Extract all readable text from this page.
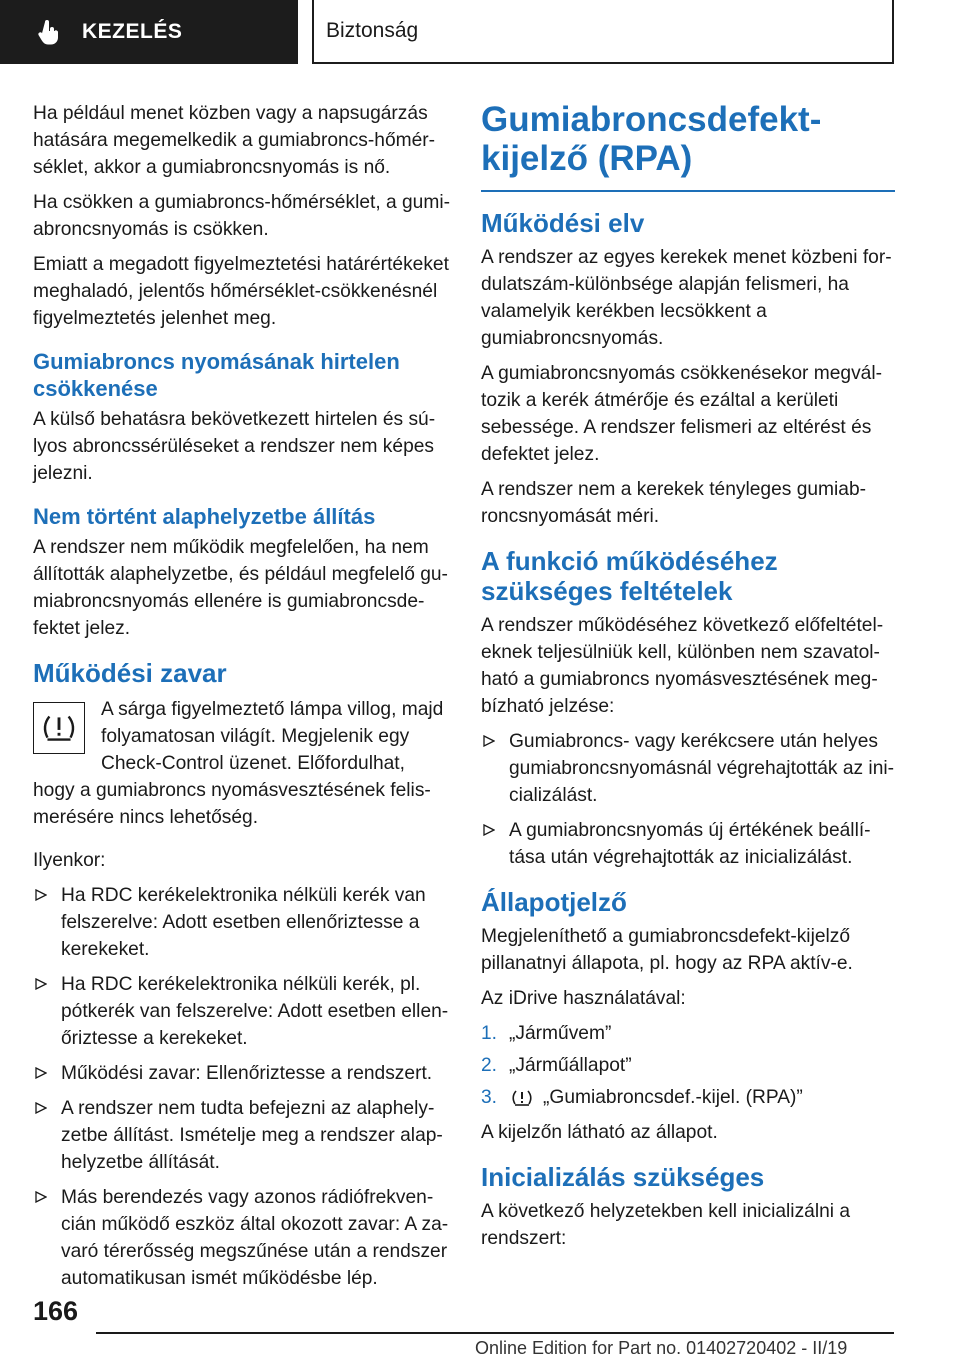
KEZELÉS	Biztonság

Ha például menet közben vagy a napsugárzás hatására megemelkedik a gumiabroncs-hőmérséklet, akkor a gumiabroncsnyomás is nő.

Ha csökken a gumiabroncs-hőmérséklet, a gumiabroncsnyomás is csökken.

Emiatt a megadott figyelmeztetési határértékeket meghaladó, jelentős hőmérséklet-csökkenésnél figyelmeztetés jelenhet meg.

Gumiabroncs nyomásának hirtelen csökkenése

A külső behatásra bekövetkezett hirtelen és súlyos abroncssérüléseket a rendszer nem képes jelezni.

Nem történt alaphelyzetbe állítás

A rendszer nem működik megfelelően, ha nem állították alaphelyzetbe, és például megfelelő gumiabroncsnyomás ellenére is gumiabroncsdefektet jelez.

Működési zavar

A sárga figyelmeztető lámpa villog, majd

folyamatosan világít. Megjelenik egy

Check-Control üzenet. Előfordulhat,

hogy a gumiabroncs nyomásvesztésének felismerésére nincs lehetőség.

Ilyenkor:

Ha RDC kerékelektronika nélküli kerék van felszerelve: Adott esetben ellenőriztesse a kerekeket.
Ha RDC kerékelektronika nélküli kerék, pl. pótkerék van felszerelve: Adott esetben ellenőriztesse a kerekeket.
Működési zavar: Ellenőriztesse a rendszert.
A rendszer nem tudta befejezni az alaphelyzetbe állítást. Ismételje meg a rendszer alaphelyzetbe állítását.
Más berendezés vagy azonos rádiófrekvencián működő eszköz által okozott zavar: A zavaró térerősség megszűnése után a rendszer automatikusan ismét működésbe lép.
Gumiabroncsdefekt-kijelző (RPA)
Működési elv

A rendszer az egyes kerekek menet közbeni fordulatszám-különbsége alapján felismeri, ha valamelyik kerékben lecsökkent a gumiabroncsnyomás.

A gumiabroncsnyomás csökkenésekor megváltozik a kerék átmérője és ezáltal a kerületi sebessége. A rendszer felismeri az eltérést és defektet jelez.

A rendszer nem a kerekek tényleges gumiabroncsnyomását méri.

A funkció működéséhez szükséges feltételek

A rendszer működéséhez következő előfeltételeknek teljesülniük kell, különben nem szavatolható a gumiabroncs nyomásvesztésének megbízható jelzése:

Gumiabroncs- vagy kerékcsere után helyes gumiabroncsnyomásnál végrehajtották az inicializálást.
A gumiabroncsnyomás új értékének beállítása után végrehajtották az inicializálást.
Állapotjelző

Megjeleníthető a gumiabroncsdefekt-kijelző pillanatnyi állapota, pl. hogy az RPA aktív-e.

Az iDrive használatával:

1. „Járművem”
2. „Járműállapot”
3.	„Gumiabroncsdef.-kijel. (RPA)”

A kijelzőn látható az állapot.

Inicializálás szükséges

A következő helyzetekben kell inicializálni a rendszert:

166
Online Edition for Part no. 01402720402 - II/19
